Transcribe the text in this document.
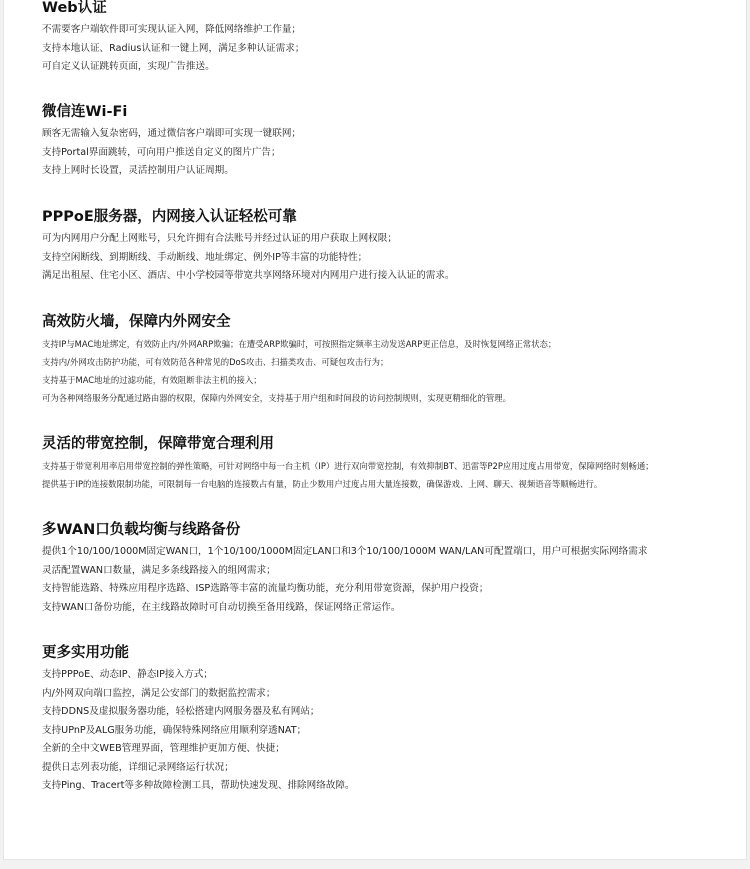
Web认证
不需要客户端软件即可实现认证入网，降低网络维护工作量；
支持本地认证、Radius认证和一键上网，满足多种认证需求；
可自定义认证跳转页面，实现广告推送。
微信连Wi-Fi
顾客无需输入复杂密码，通过微信客户端即可实现一键联网；
支持Portal界面跳转，可向用户推送自定义的图片广告；
支持上网时长设置，灵活控制用户认证周期。
PPPoE服务器，内网接入认证轻松可靠
可为内网用户分配上网账号，只允许拥有合法账号并经过认证的用户获取上网权限；
支持空闲断线、到期断线、手动断线、地址绑定、例外IP等丰富的功能特性；
满足出租屋、住宅小区、酒店、中小学校园等带宽共享网络环境对内网用户进行接入认证的需求。
高效防火墙，保障内外网安全
支持IP与MAC地址绑定，有效防止内/外网ARP欺骗；在遭受ARP欺骗时，可按照指定频率主动发送ARP更正信息，及时恢复网络正常状态；
支持内/外网攻击防护功能，可有效防范各种常见的DoS攻击、扫描类攻击、可疑包攻击行为；
支持基于MAC地址的过滤功能，有效阻断非法主机的接入；
可为各种网络服务分配通过路由器的权限，保障内外网安全，支持基于用户组和时间段的访问控制规则，实现更精细化的管理。
灵活的带宽控制，保障带宽合理利用
支持基于带宽利用率启用带宽控制的弹性策略，可针对网络中每一台主机（IP）进行双向带宽控制，有效抑制BT、迅雷等P2P应用过度占用带宽，保障网络时刻畅通；
提供基于IP的连接数限制功能，可限制每一台电脑的连接数占有量，防止少数用户过度占用大量连接数，确保游戏、上网、聊天、视频语音等顺畅进行。
多WAN口负载均衡与线路备份
提供1个10/100/1000M固定WAN口，1个10/100/1000M固定LAN口和3个10/100/1000M WAN/LAN可配置端口，用户可根据实际网络需求
灵活配置WAN口数量，满足多条线路接入的组网需求；
支持智能选路、特殊应用程序选路、ISP选路等丰富的流量均衡功能，充分利用带宽资源，保护用户投资；
支持WAN口备份功能，在主线路故障时可自动切换至备用线路，保证网络正常运作。
更多实用功能
支持PPPoE、动态IP、静态IP接入方式；
内/外网双向端口监控，满足公安部门的数据监控需求；
支持DDNS及虚拟服务器功能，轻松搭建内网服务器及私有网站；
支持UPnP及ALG服务功能，确保特殊网络应用顺利穿透NAT；
全新的全中文WEB管理界面，管理维护更加方便、快捷；
提供日志列表功能，详细记录网络运行状况；
支持Ping、Tracert等多种故障检测工具，帮助快速发现、排除网络故障。
